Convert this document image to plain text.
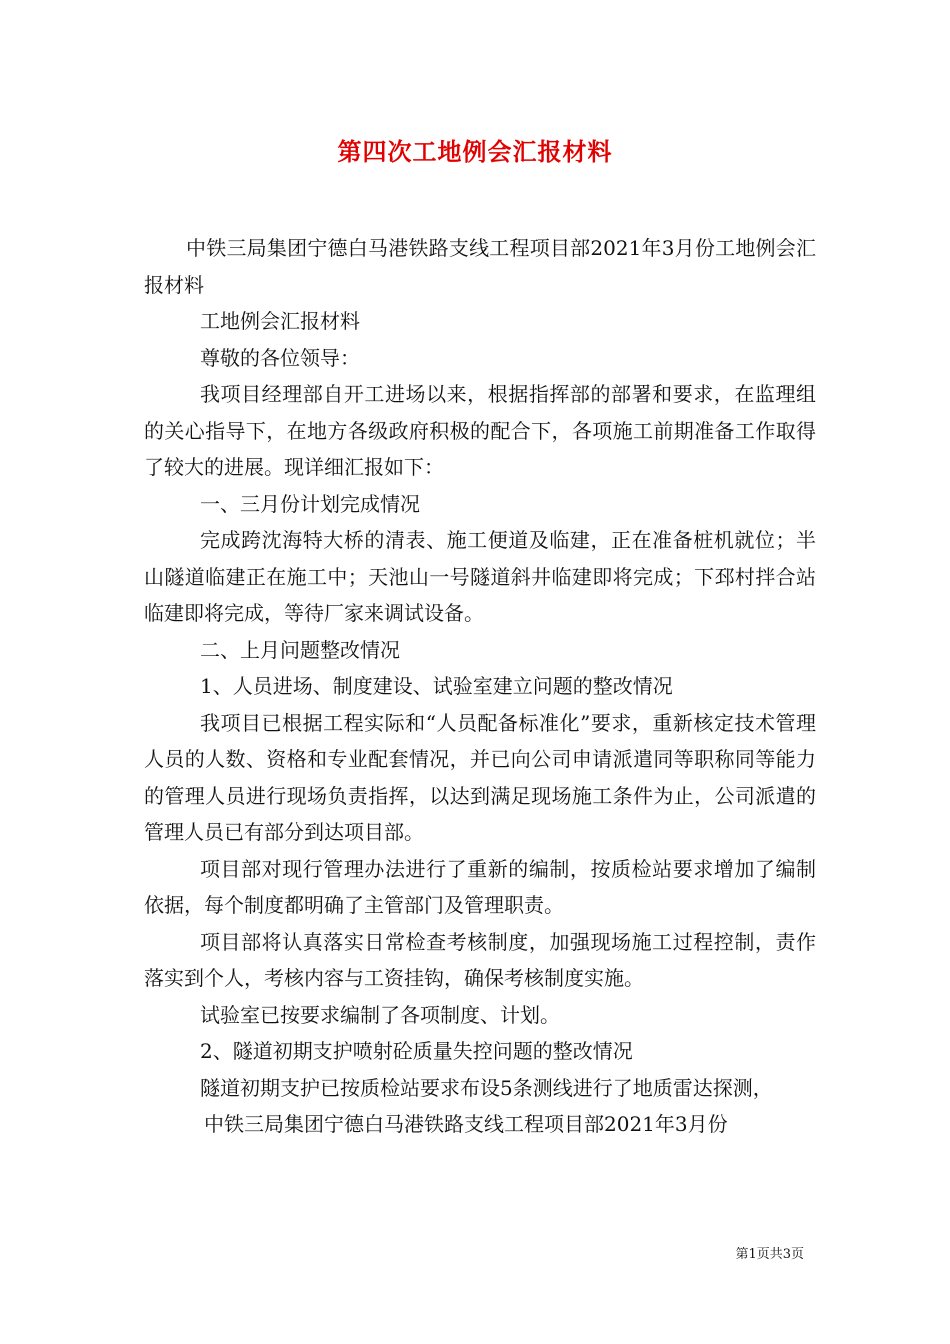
第四次工地例会汇报材料

中铁三局集团宁德白马港铁路支线工程项目部2021年3月份工地例会汇报材料

工地例会汇报材料

尊敬的各位领导：

我项目经理部自开工进场以来，根据指挥部的部署和要求，在监理组的关心指导下，在地方各级政府积极的配合下，各项施工前期准备工作取得了较大的进展。现详细汇报如下：

一、三月份计划完成情况

完成跨沈海特大桥的清表、施工便道及临建，正在准备桩机就位；半山隧道临建正在施工中；天池山一号隧道斜井临建即将完成；下邳村拌合站临建即将完成，等待厂家来调试设备。

二、上月问题整改情况

1、人员进场、制度建设、试验室建立问题的整改情况

我项目已根据工程实际和“人员配备标准化”要求，重新核定技术管理人员的人数、资格和专业配套情况，并已向公司申请派遣同等职称同等能力的管理人员进行现场负责指挥，以达到满足现场施工条件为止，公司派遣的管理人员已有部分到达项目部。

项目部对现行管理办法进行了重新的编制，按质检站要求增加了编制依据，每个制度都明确了主管部门及管理职责。

项目部将认真落实日常检查考核制度，加强现场施工过程控制，责作落实到个人，考核内容与工资挂钩，确保考核制度实施。

试验室已按要求编制了各项制度、计划。

2、隧道初期支护喷射砼质量失控问题的整改情况

隧道初期支护已按质检站要求布设5条测线进行了地质雷达探测，

中铁三局集团宁德白马港铁路支线工程项目部2021年3月份

第1页共3页
